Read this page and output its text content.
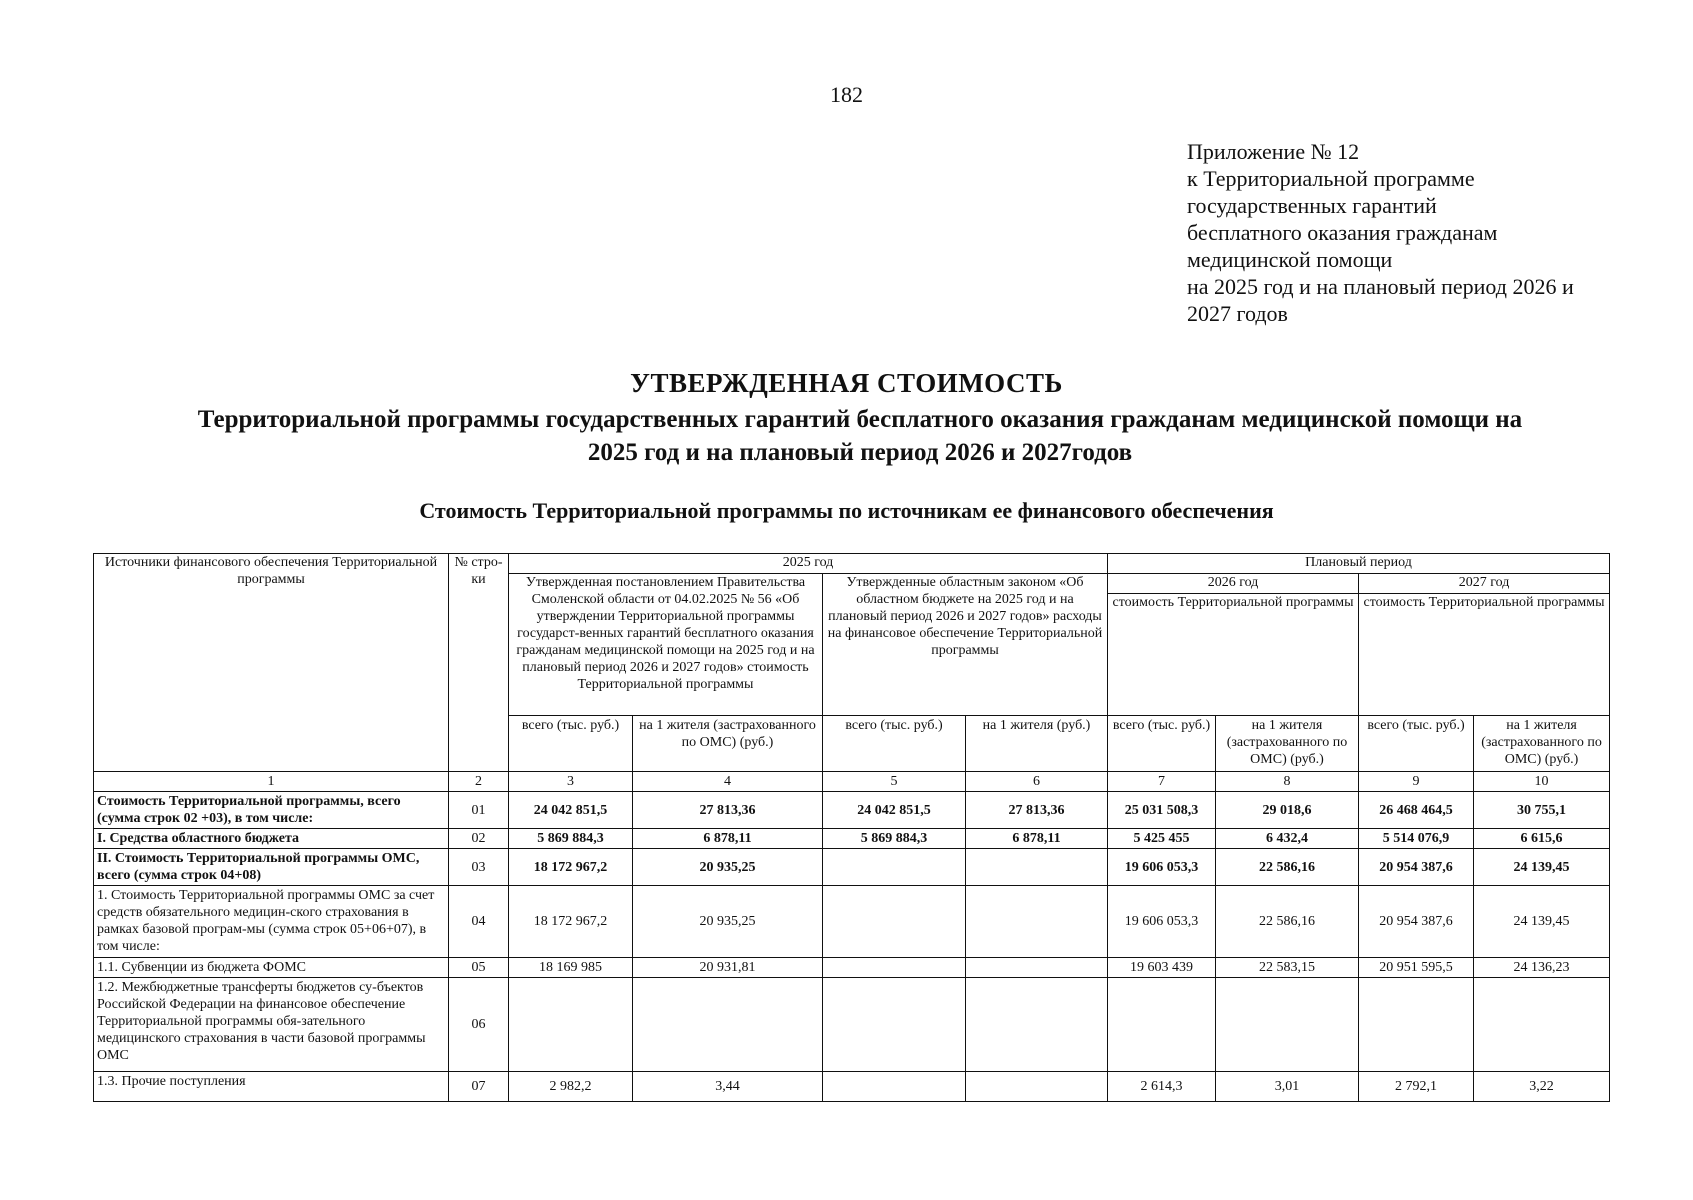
182
Приложение № 12
к Территориальной программе
государственных гарантий
бесплатного оказания гражданам
медицинской помощи
на 2025 год и на плановый период 2026 и
2027 годов
УТВЕРЖДЕННАЯ СТОИМОСТЬ
Территориальной программы государственных гарантий бесплатного оказания гражданам медицинской помощи на
2025 год и на плановый период 2026 и 2027годов
Стоимость Территориальной программы по источникам ее финансового обеспечения
Источники финансового обеспечения Территориальной программы	№ стро-ки	2025 год				Плановый период			
		Утвержденная постановлением Правительства Смоленской области от 04.02.2025 № 56 «Об утверждении Территориальной программы государст-венных гарантий бесплатного оказания гражданам медицинской помощи на 2025 год и на плановый период 2026 и 2027 годов» стоимость Территориальной программы		Утвержденные областным законом «Об областном бюджете на 2025 год и на плановый период 2026 и 2027 годов» расходы на финансовое обеспечение Территориальной программы		2026 год		2027 год	
						стоимость Территориальной программы		стоимость Территориальной программы	
		всего (тыс. руб.)	на 1 жителя (застрахованного по ОМС) (руб.)	всего (тыс. руб.)	на 1 жителя (руб.)	всего (тыс. руб.)	на 1 жителя (застрахованного по ОМС) (руб.)	всего (тыс. руб.)	на 1 жителя (застрахованного по ОМС) (руб.)
1	2	3	4	5	6	7	8	9	10
Стоимость Территориальной программы, всего (сумма строк 02 +03), в том числе:	01	24 042 851,5	27 813,36	24 042 851,5	27 813,36	25 031 508,3	29 018,6	26 468 464,5	30 755,1
I. Средства областного бюджета	02	5 869 884,3	6 878,11	5 869 884,3	6 878,11	5 425 455	6 432,4	5 514 076,9	6 615,6
II. Стоимость Территориальной программы ОМС, всего (сумма строк 04+08)	03	18 172 967,2	20 935,25			19 606 053,3	22 586,16	20 954 387,6	24 139,45
1. Стоимость Территориальной программы ОМС за счет средств обязательного медицин-ского страхования в рамках базовой програм-мы (сумма строк 05+06+07), в том числе:	04	18 172 967,2	20 935,25			19 606 053,3	22 586,16	20 954 387,6	24 139,45
1.1. Субвенции из бюджета ФОМС	05	18 169 985	20 931,81			19 603 439	22 583,15	20 951 595,5	24 136,23
1.2. Межбюджетные трансферты бюджетов су-бъектов Российской Федерации на финансовое обеспечение Территориальной программы обя-зательного медицинского страхования в части базовой программы ОМС	06								
1.3. Прочие поступления	07	2 982,2	3,44			2 614,3	3,01	2 792,1	3,22
